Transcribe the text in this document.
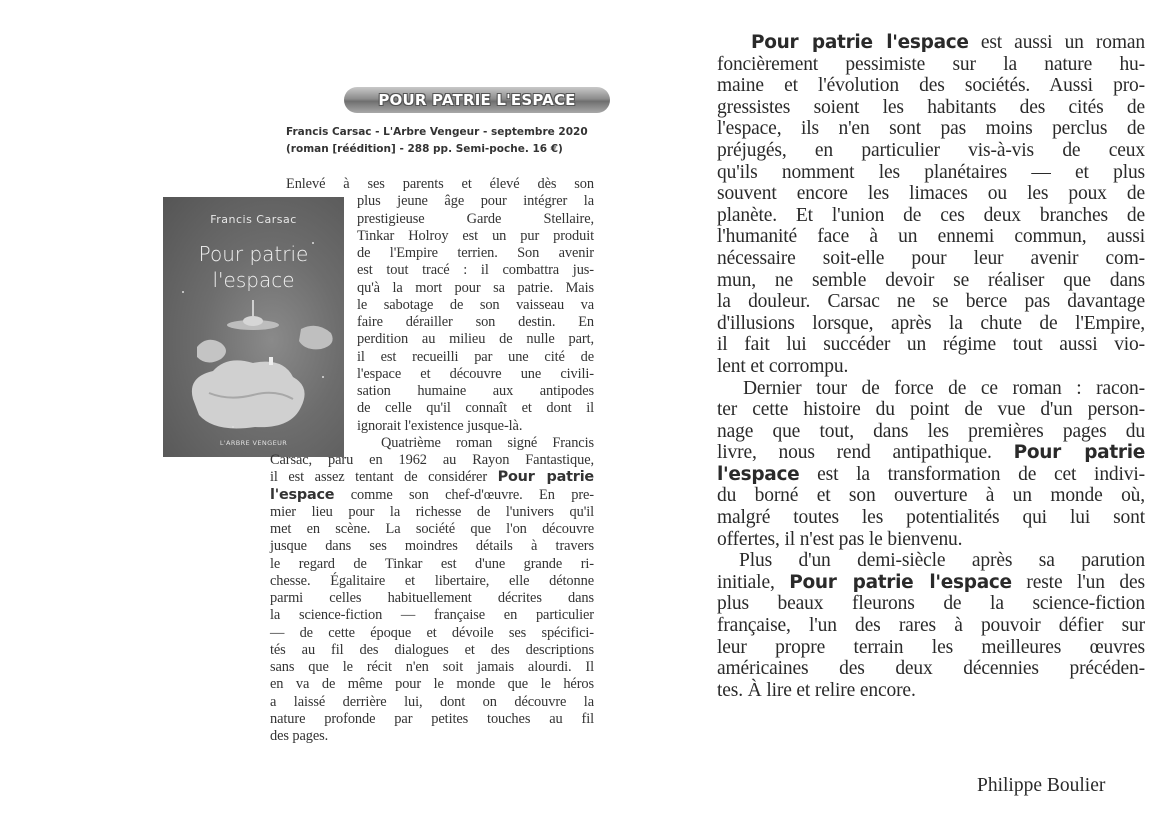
POUR PATRIE L'ESPACE
Francis Carsac - L'Arbre Vengeur - septembre 2020
(roman [réédition] - 288 pp. Semi-poche. 16 €)
Francis Carsac
Pour patrie
l'espace
L'ARBRE VENGEUR
Enlevé à ses parents et élevé dès son
plus jeune âge pour intégrer la
prestigieuse Garde Stellaire,
Tinkar Holroy est un pur produit
de l'Empire terrien. Son avenir
est tout tracé : il combattra jus-
qu'à la mort pour sa patrie. Mais
le sabotage de son vaisseau va
faire dérailler son destin. En
perdition au milieu de nulle part,
il est recueilli par une cité de
l'espace et découvre une civili-
sation humaine aux antipodes
de celle qu'il connaît et dont il
ignorait l'existence jusque-là.
Quatrième roman signé Francis
Carsac, paru en 1962 au Rayon Fantastique,
il est assez tentant de considérer Pour patrie
l'espace comme son chef-d'œuvre. En pre-
mier lieu pour la richesse de l'univers qu'il
met en scène. La société que l'on découvre
jusque dans ses moindres détails à travers
le regard de Tinkar est d'une grande ri-
chesse. Égalitaire et libertaire, elle détonne
parmi celles habituellement décrites dans
la science-fiction — française en particulier
— de cette époque et dévoile ses spécifici-
tés au fil des dialogues et des descriptions
sans que le récit n'en soit jamais alourdi. Il
en va de même pour le monde que le héros
a laissé derrière lui, dont on découvre la
nature profonde par petites touches au fil
des pages.
Pour patrie l'espace est aussi un roman
foncièrement pessimiste sur la nature hu-
maine et l'évolution des sociétés. Aussi pro-
gressistes soient les habitants des cités de
l'espace, ils n'en sont pas moins perclus de
préjugés, en particulier vis-à-vis de ceux
qu'ils nomment les planétaires — et plus
souvent encore les limaces ou les poux de
planète. Et l'union de ces deux branches de
l'humanité face à un ennemi commun, aussi
nécessaire soit-elle pour leur avenir com-
mun, ne semble devoir se réaliser que dans
la douleur. Carsac ne se berce pas davantage
d'illusions lorsque, après la chute de l'Empire,
il fait lui succéder un régime tout aussi vio-
lent et corrompu.
Dernier tour de force de ce roman : racon-
ter cette histoire du point de vue d'un person-
nage que tout, dans les premières pages du
livre, nous rend antipathique. Pour patrie
l'espace est la transformation de cet indivi-
du borné et son ouverture à un monde où,
malgré toutes les potentialités qui lui sont
offertes, il n'est pas le bienvenu.
Plus d'un demi-siècle après sa parution
initiale, Pour patrie l'espace reste l'un des
plus beaux fleurons de la science-fiction
française, l'un des rares à pouvoir défier sur
leur propre terrain les meilleures œuvres
américaines des deux décennies précéden-
tes. À lire et relire encore.
Philippe Boulier
